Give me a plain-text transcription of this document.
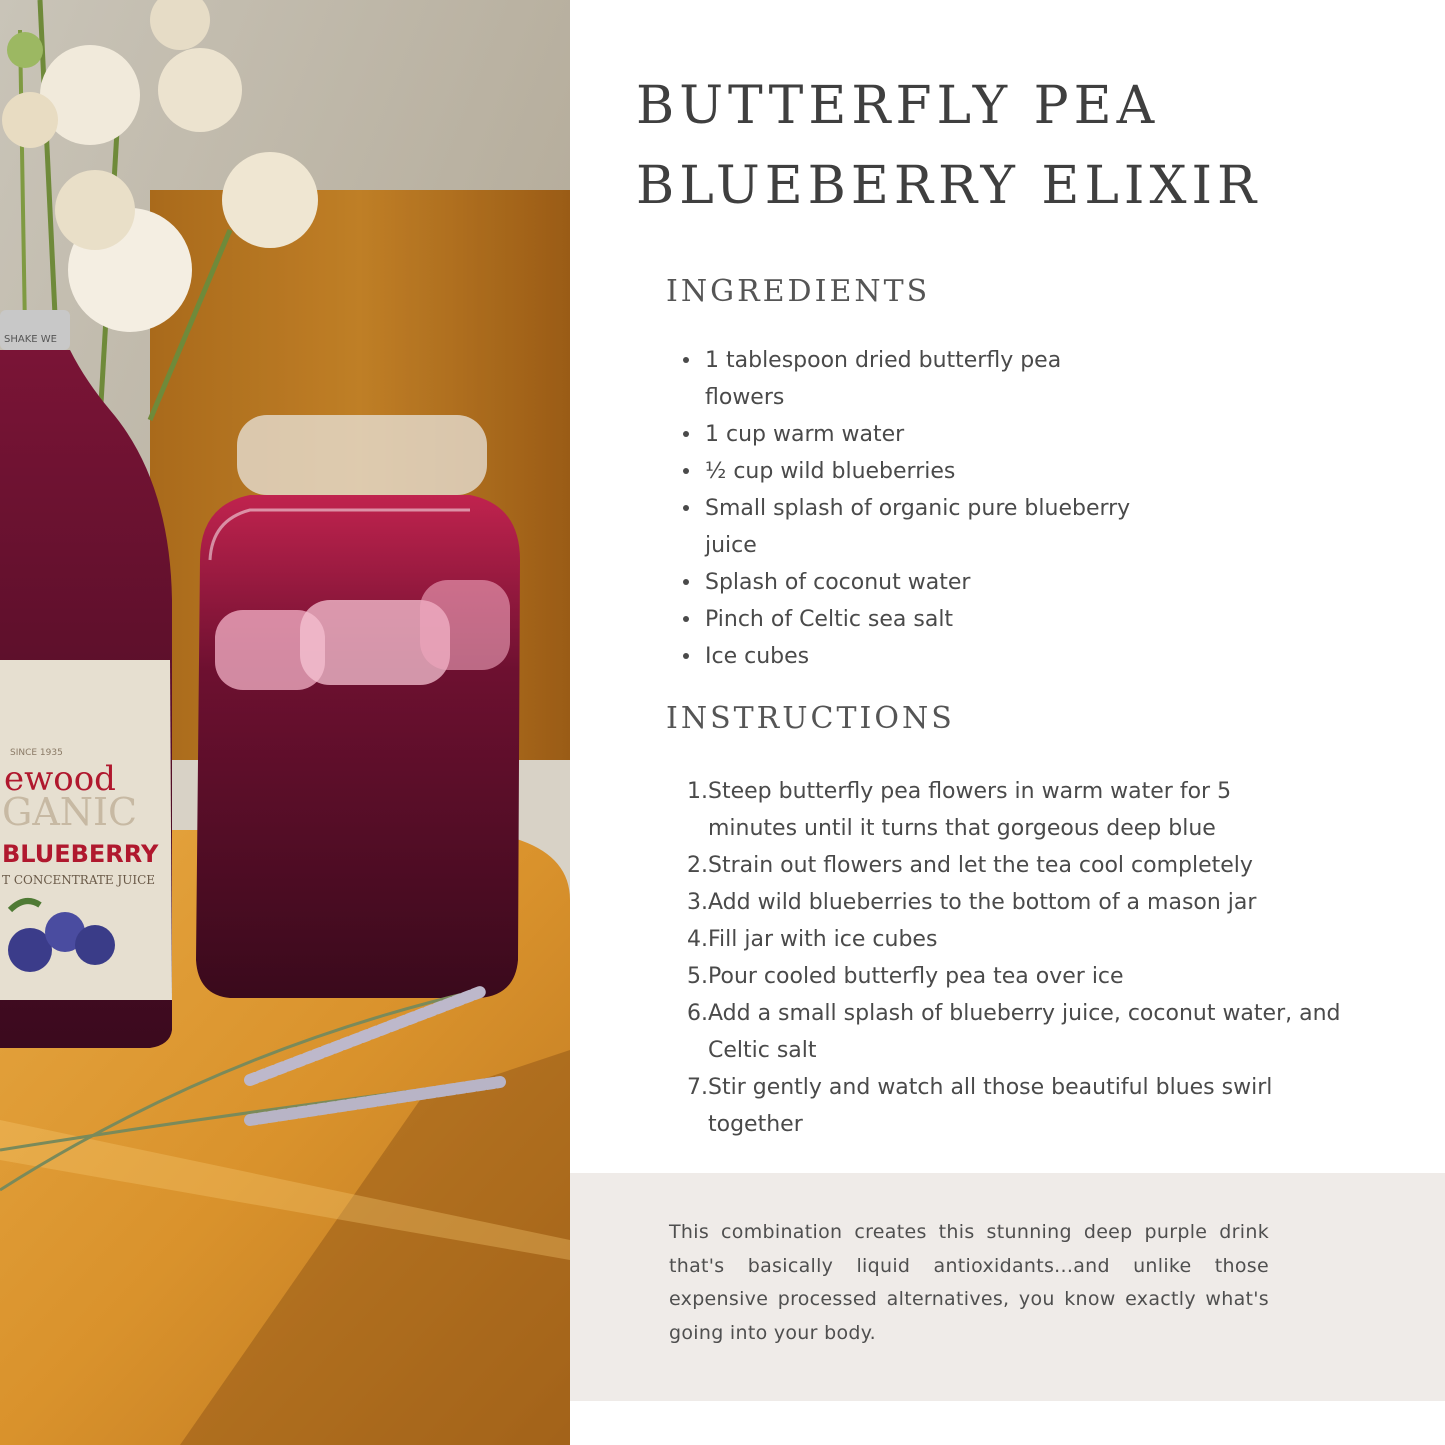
ewood
GANIC
BLUEBERRY
T CONCENTRATE JUICE
SINCE 1935
SHAKE WE
BUTTERFLY PEA
BLUEBERRY ELIXIR
INGREDIENTS
1 tablespoon dried butterfly pea flowers
1 cup warm water
½ cup wild blueberries
Small splash of organic pure blueberry juice
Splash of coconut water
Pinch of Celtic sea salt
Ice cubes
INSTRUCTIONS
1. Steep butterfly pea flowers in warm water for 5 minutes until it turns that gorgeous deep blue
2. Strain out flowers and let the tea cool completely
3. Add wild blueberries to the bottom of a mason jar
4. Fill jar with ice cubes
5. Pour cooled butterfly pea tea over ice
6. Add a small splash of blueberry juice, coconut water, and Celtic salt
7. Stir gently and watch all those beautiful blues swirl together

This combination creates this stunning deep purple drink that's basically liquid antioxidants...and unlike those expensive processed alternatives, you know exactly what's going into your body.
